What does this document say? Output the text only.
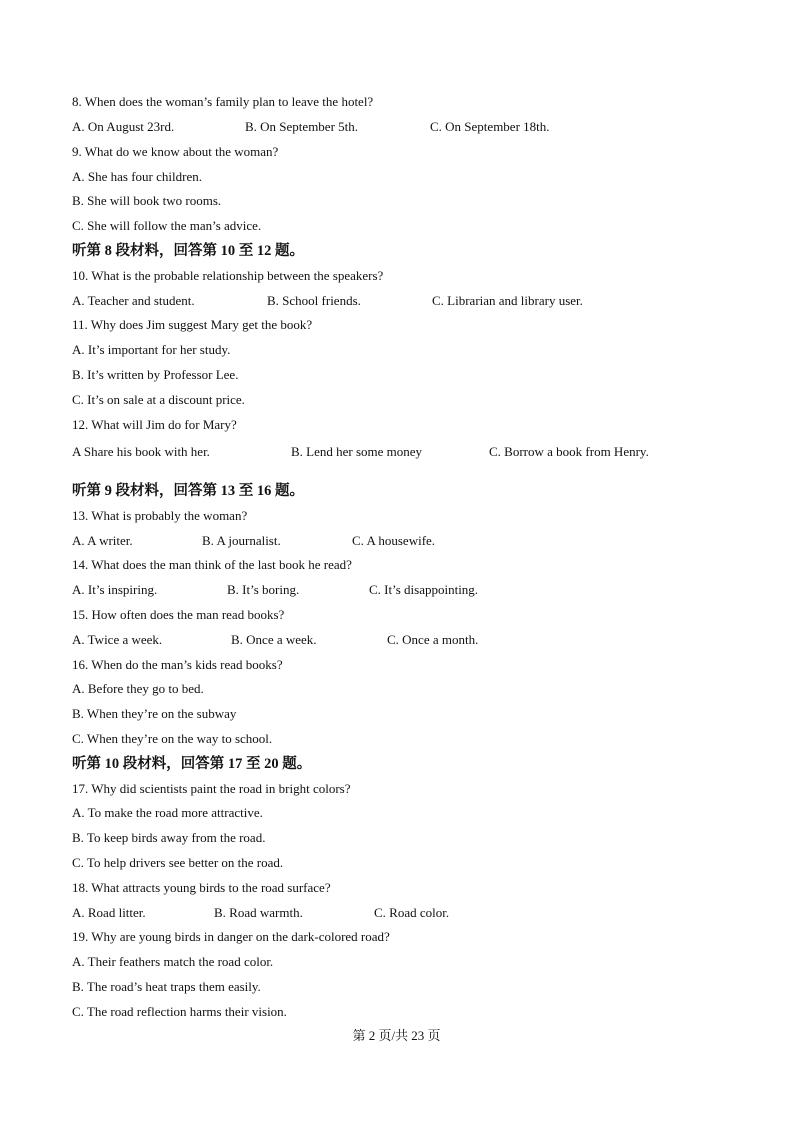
8. When does the woman’s family plan to leave the hotel?
A. On August 23rd.	B. On September 5th.	C. On September 18th.
9. What do we know about the woman?
A. She has four children.
B. She will book two rooms.
C. She will follow the man’s advice.
听第 8 段材料，回答第 10 至 12 题。
10. What is the probable relationship between the speakers?
A. Teacher and student.	B. School friends.	C. Librarian and library user.
11. Why does Jim suggest Mary get the book?
A. It’s important for her study.
B. It’s written by Professor Lee.
C. It’s on sale at a discount price.
12. What will Jim do for Mary?
A Share his book with her.	B. Lend her some money	C. Borrow a book from Henry.
听第 9 段材料，回答第 13 至 16 题。
13. What is probably the woman?
A. A writer.	B. A journalist.	C. A housewife.
14. What does the man think of the last book he read?
A. It’s inspiring.	B. It’s boring.	C. It’s disappointing.
15. How often does the man read books?
A. Twice a week.	B. Once a week.	C. Once a month.
16. When do the man’s kids read books?
A. Before they go to bed.
B. When they’re on the subway
C. When they’re on the way to school.
听第 10 段材料，回答第 17 至 20 题。
17. Why did scientists paint the road in bright colors?
A. To make the road more attractive.
B. To keep birds away from the road.
C. To help drivers see better on the road.
18. What attracts young birds to the road surface?
A. Road litter.	B. Road warmth.	C. Road color.
19. Why are young birds in danger on the dark-colored road?
A. Their feathers match the road color.
B. The road’s heat traps them easily.
C. The road reflection harms their vision.
第 2 页/共 23 页
